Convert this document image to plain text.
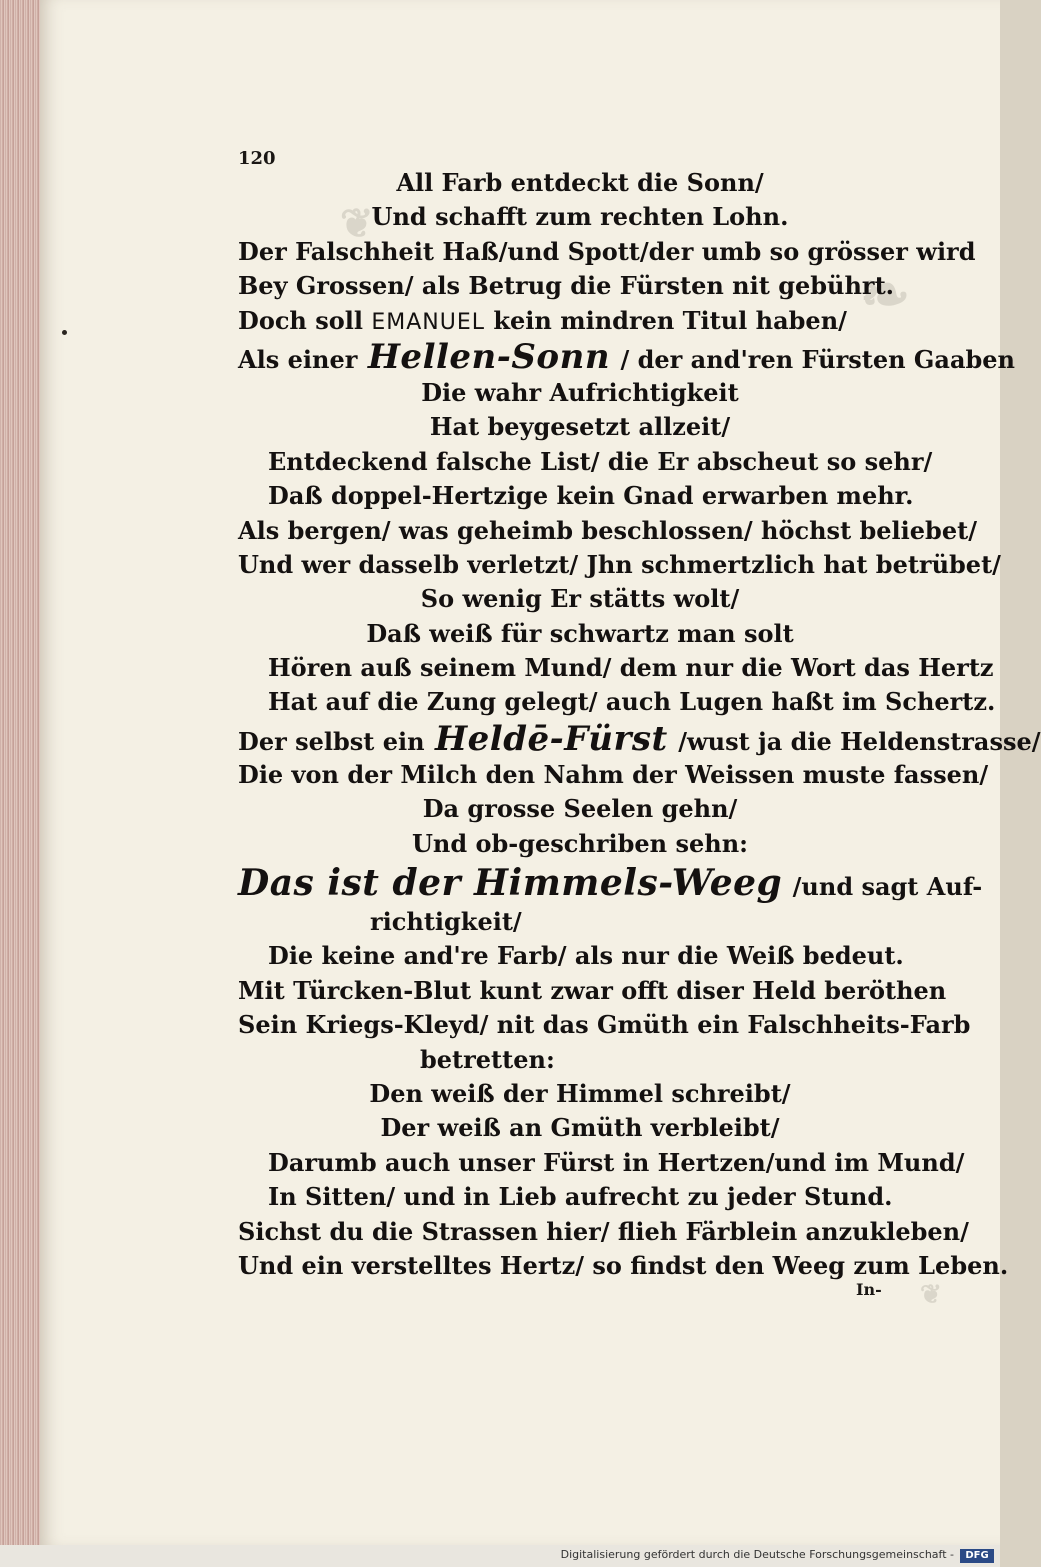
❦
❧
❦
120
All Farb entdeckt die Sonn/
Und schafft zum rechten Lohn.
Der Falschheit Haß/und Spott/der umb so grösser wird
Bey Grossen/ als Betrug die Fürsten nit gebührt.
Doch soll EMANUEL kein mindren Titul haben/
Als einer Hellen-Sonn / der and'ren Fürsten Gaaben
Die wahr Aufrichtigkeit
Hat beygesetzt allzeit/
Entdeckend falsche List/ die Er abscheut so sehr/
Daß doppel-Hertzige kein Gnad erwarben mehr.
Als bergen/ was geheimb beschlossen/ höchst beliebet/
Und wer dasselb verletzt/ Jhn schmertzlich hat betrübet/
So wenig Er stätts wolt/
Daß weiß für schwartz man solt
Hören auß seinem Mund/ dem nur die Wort das Hertz
Hat auf die Zung gelegt/ auch Lugen haßt im Schertz.
Der selbst ein Heldē-Fürst /wust ja die Heldenstrasse/
Die von der Milch den Nahm der Weissen muste fassen/
Da grosse Seelen gehn/
Und ob-geschriben sehn:
Das ist der Himmels-Weeg /und sagt Auf-
richtigkeit/
Die keine and're Farb/ als nur die Weiß bedeut.
Mit Türcken-Blut kunt zwar offt diser Held beröthen
Sein Kriegs-Kleyd/ nit das Gmüth ein Falschheits-Farb
betretten:
Den weiß der Himmel schreibt/
Der weiß an Gmüth verbleibt/
Darumb auch unser Fürst in Hertzen/und im Mund/
In Sitten/ und in Lieb aufrecht zu jeder Stund.
Sichst du die Strassen hier/ flieh Färblein anzukleben/
Und ein verstelltes Hertz/ so findst den Weeg zum Leben.
In-
Digitalisierung gefördert durch die Deutsche Forschungsgemeinschaft -	DFG
